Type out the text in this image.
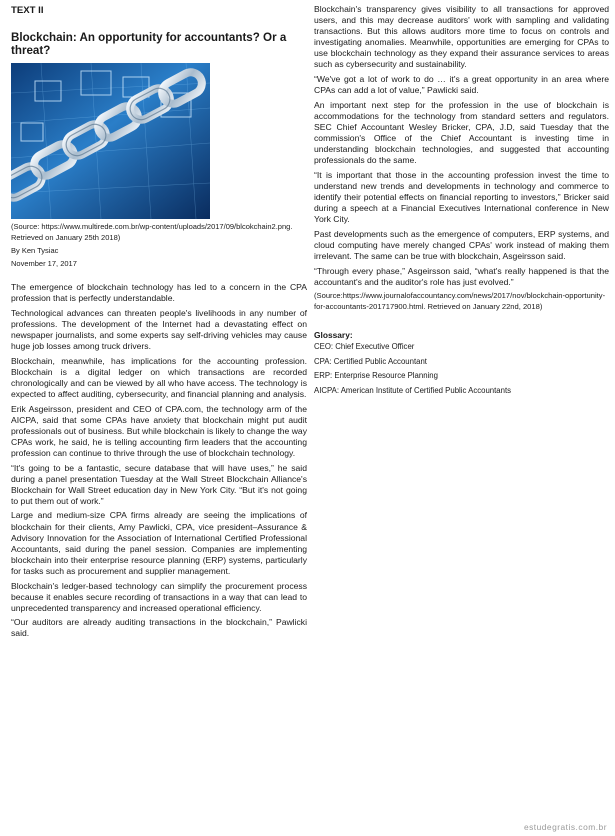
TEXT II
Blockchain: An opportunity for accountants? Or a threat?
(Source: https://www.multirede.com.br/wp-content/uploads/2017/09/blcokchain2.png. Retrieved on January 25th 2018)
By Ken Tysiac
November 17, 2017

The emergence of blockchain technology has led to a concern in the CPA profession that is perfectly understandable.

Technological advances can threaten people's livelihoods in any number of professions. The development of the Internet had a devastating effect on newspaper journalists, and some experts say self-driving vehicles may cause huge job losses among truck drivers.

Blockchain, meanwhile, has implications for the accounting profession. Blockchain is a digital ledger on which transactions are recorded chronologically and can be viewed by all who have access. The technology is expected to affect auditing, cybersecurity, and financial planning and analysis.

Erik Asgeirsson, president and CEO of CPA.com, the technology arm of the AICPA, said that some CPAs have anxiety that blockchain might put audit professionals out of business. But while blockchain is likely to change the way CPAs work, he said, he is telling accounting firm leaders that the accounting profession can continue to thrive through the use of blockchain technology.

“It's going to be a fantastic, secure database that will have uses,” he said during a panel presentation Tuesday at the Wall Street Blockchain Alliance's Blockchain for Wall Street education day in New York City. “But it's not going to put them out of work.”

Large and medium-size CPA firms already are seeing the implications of blockchain for their clients, Amy Pawlicki, CPA, vice president–Assurance & Advisory Innovation for the Association of International Certified Professional Accountants, said during the panel session. Companies are implementing blockchain into their enterprise resource planning (ERP) systems, particularly for tasks such as procurement and supplier management.

Blockchain's ledger-based technology can simplify the procurement process because it enables secure recording of transactions in a way that can lead to unprecedented transparency and increased operational efficiency.

“Our auditors are already auditing transactions in the blockchain,” Pawlicki said.

Blockchain's transparency gives visibility to all transactions for approved users, and this may decrease auditors' work with sampling and validating transactions. But this allows auditors more time to focus on controls and investigating anomalies. Meanwhile, opportunities are emerging for CPAs to use blockchain technology as they expand their assurance services to areas such as cybersecurity and sustainability.

“We've got a lot of work to do … it's a great opportunity in an area where CPAs can add a lot of value,” Pawlicki said.

An important next step for the profession in the use of blockchain is accommodations for the technology from standard setters and regulators. SEC Chief Accountant Wesley Bricker, CPA, J.D, said Tuesday that the commission's Office of the Chief Accountant is investing time in understanding blockchain technologies, and suggested that accounting professionals do the same.

“It is important that those in the accounting profession invest the time to understand new trends and developments in technology and commerce to identify their potential effects on financial reporting to investors,” Bricker said during a speech at a Financial Executives International conference in New York City.

Past developments such as the emergence of computers, ERP systems, and cloud computing have merely changed CPAs' work instead of making them irrelevant. The same can be true with blockchain, Asgeirsson said.

“Through every phase,” Asgeirsson said, “what's really happened is that the accountant's and the auditor's role has just evolved.”

(Source:https://www.journalofaccountancy.com/news/2017/nov/blockchain-opportunity-for-accountants-201717900.html. Retrieved on January 22nd, 2018)

Glossary:
CEO: Chief Executive Officer
CPA: Certified Public Accountant
ERP: Enterprise Resource Planning
AICPA: American Institute of Certified Public Accountants
estudegratis.com.br
